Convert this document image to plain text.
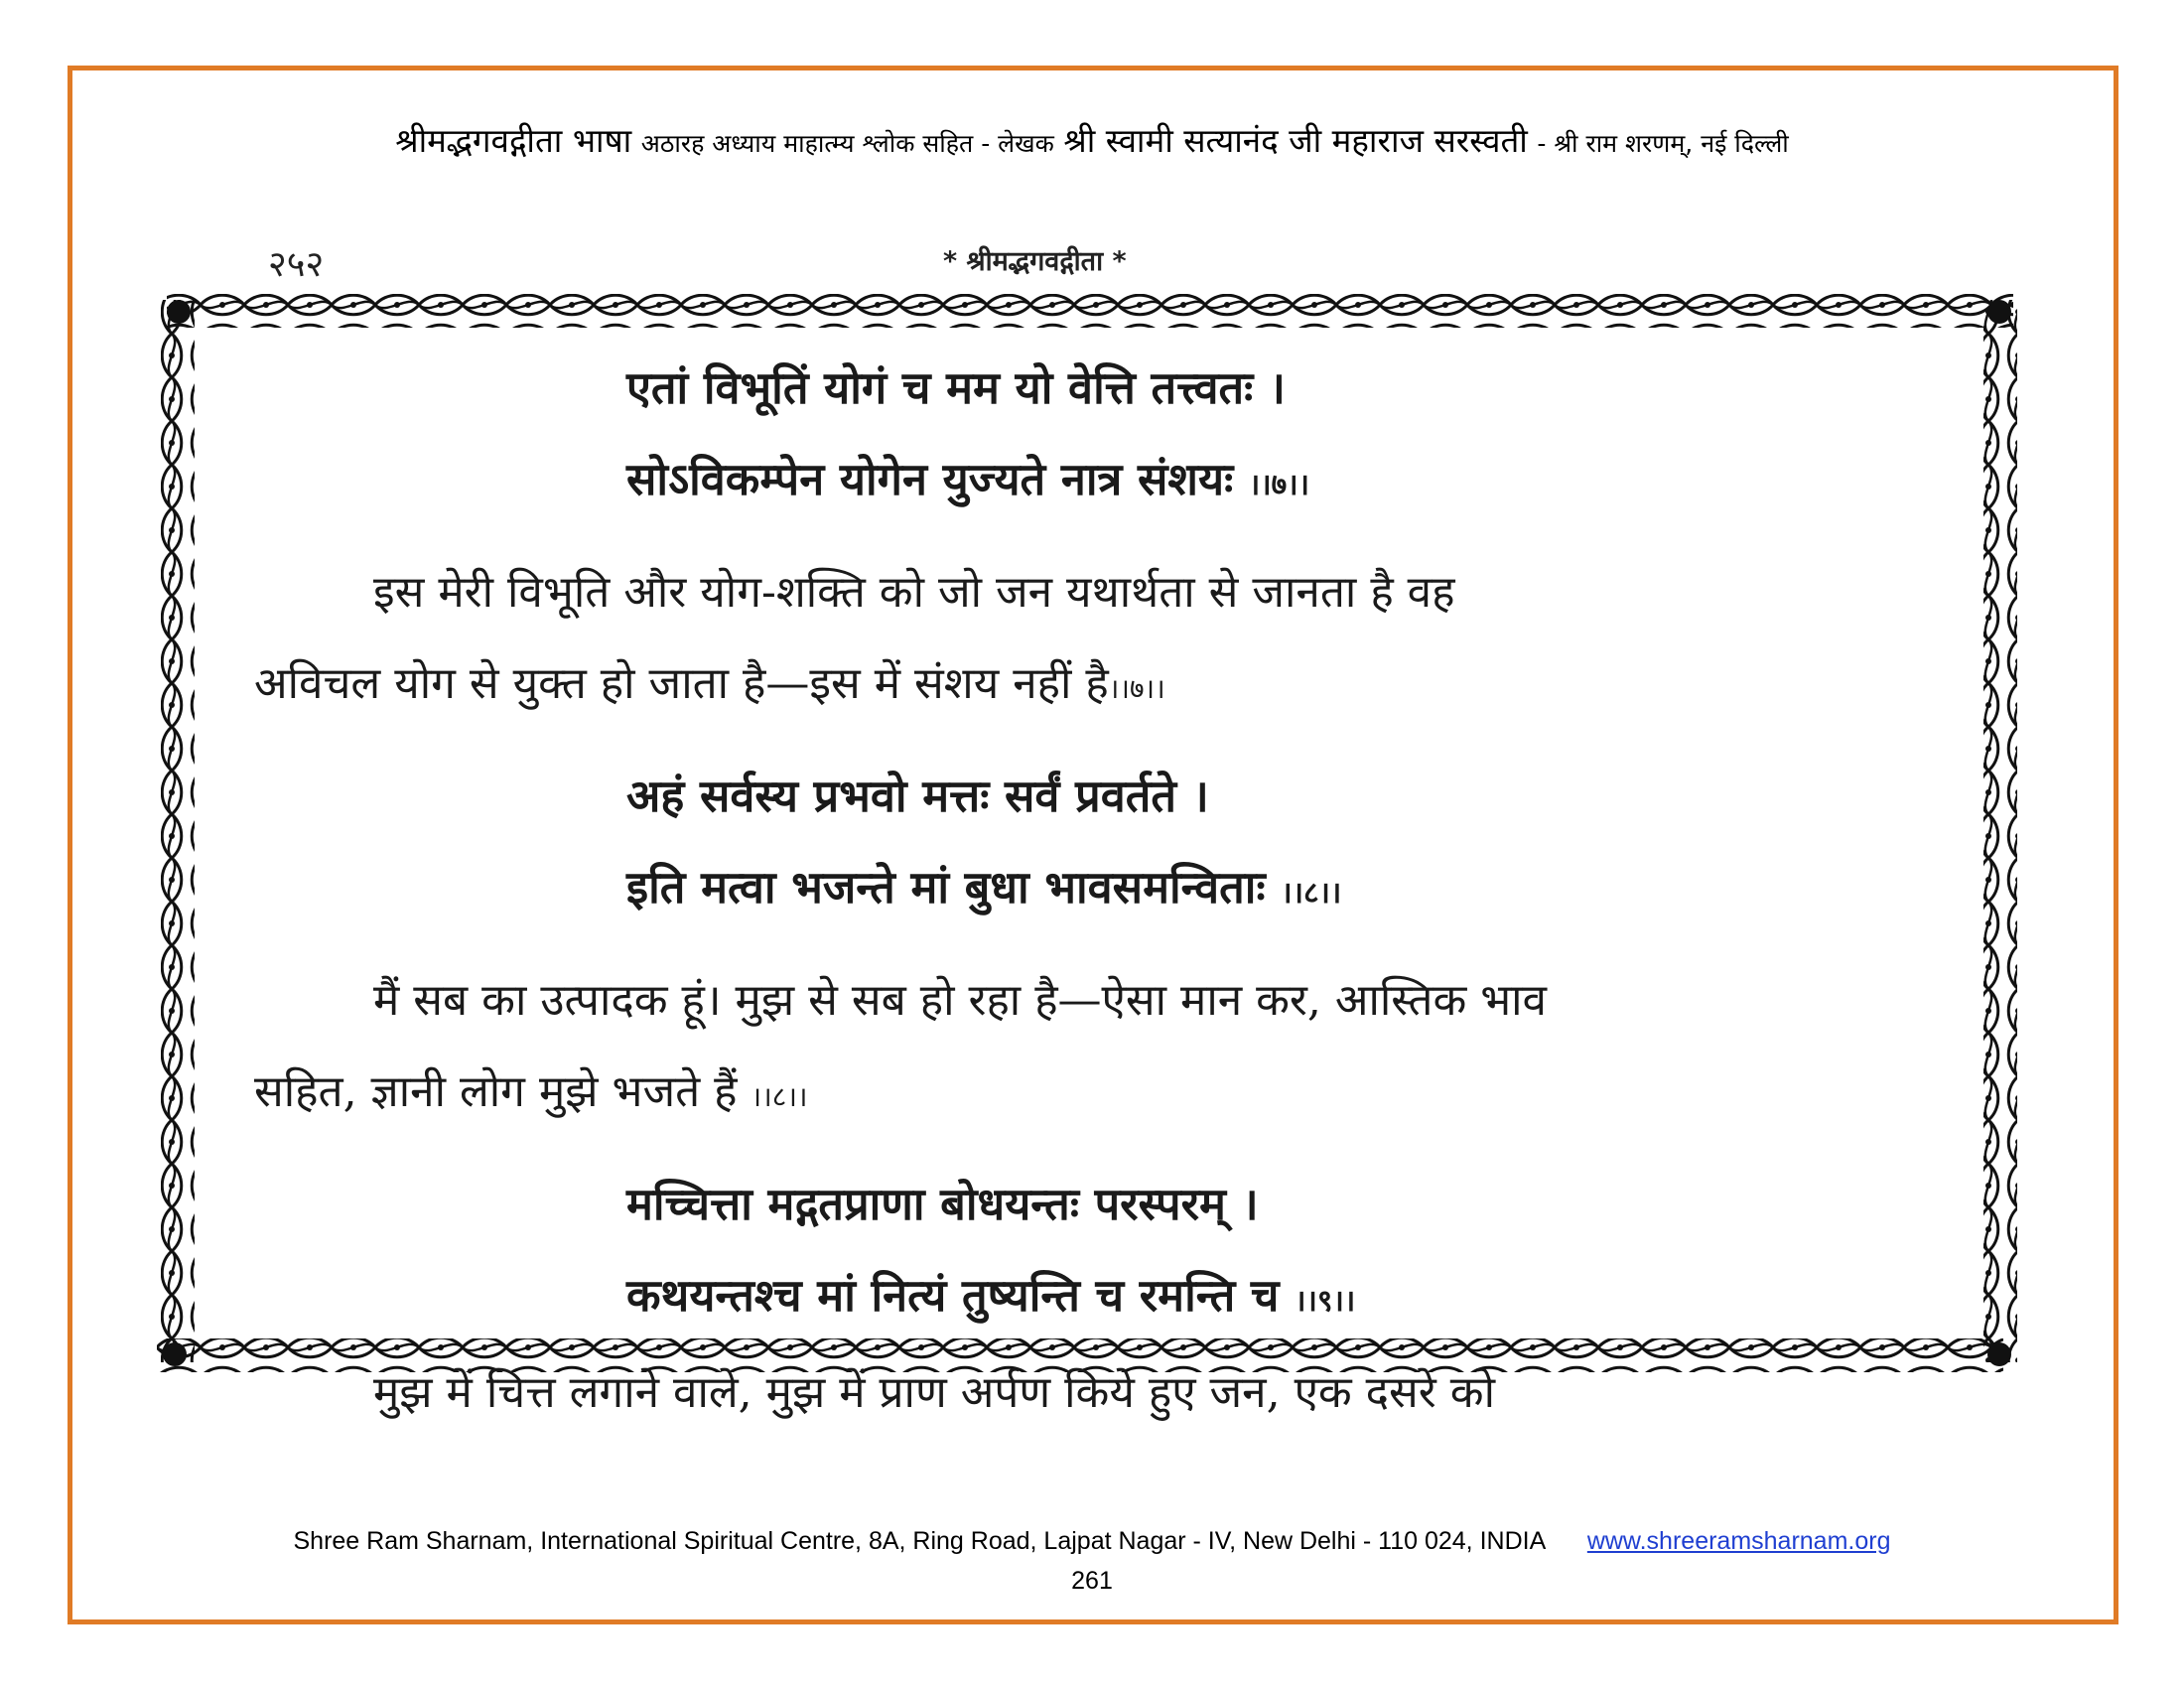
श्रीमद्भगवद्गीता भाषा अठारह अध्याय माहात्म्य श्लोक सहित - लेखक श्री स्वामी सत्यानंद जी महाराज सरस्वती - श्री राम शरणम्, नई दिल्ली
२५२	* श्रीमद्भगवद्गीता *
एतां विभूतिं योगं च मम यो वेत्ति तत्त्वतः ।
सोऽविकम्पेन योगेन युज्यते नात्र संशयः ।।७।।
इस मेरी विभूति और योग-शक्ति को जो जन यथार्थता से जानता है वह
अविचल योग से युक्त हो जाता है—इस में संशय नहीं है।।७।।
अहं सर्वस्य प्रभवो मत्तः सर्वं प्रवर्तते ।
इति मत्वा भजन्ते मां बुधा भावसमन्विताः ।।८।।
मैं सब का उत्पादक हूं। मुझ से सब हो रहा है—ऐसा मान कर, आस्तिक भाव
सहित, ज्ञानी लोग मुझे भजते हैं ।।८।।
मच्चित्ता मद्गतप्राणा बोधयन्तः परस्परम् ।
कथयन्तश्च मां नित्यं तुष्यन्ति च रमन्ति च ।।९।।
मुझ में चित्त लगाने वाले, मुझ में प्राण अर्पण किये हुए जन, एक दसरे को
Shree Ram Sharnam, International Spiritual Centre, 8A, Ring Road, Lajpat Nagar - IV, New Delhi - 110 024, INDIA www.shreeramsharnam.org
261
